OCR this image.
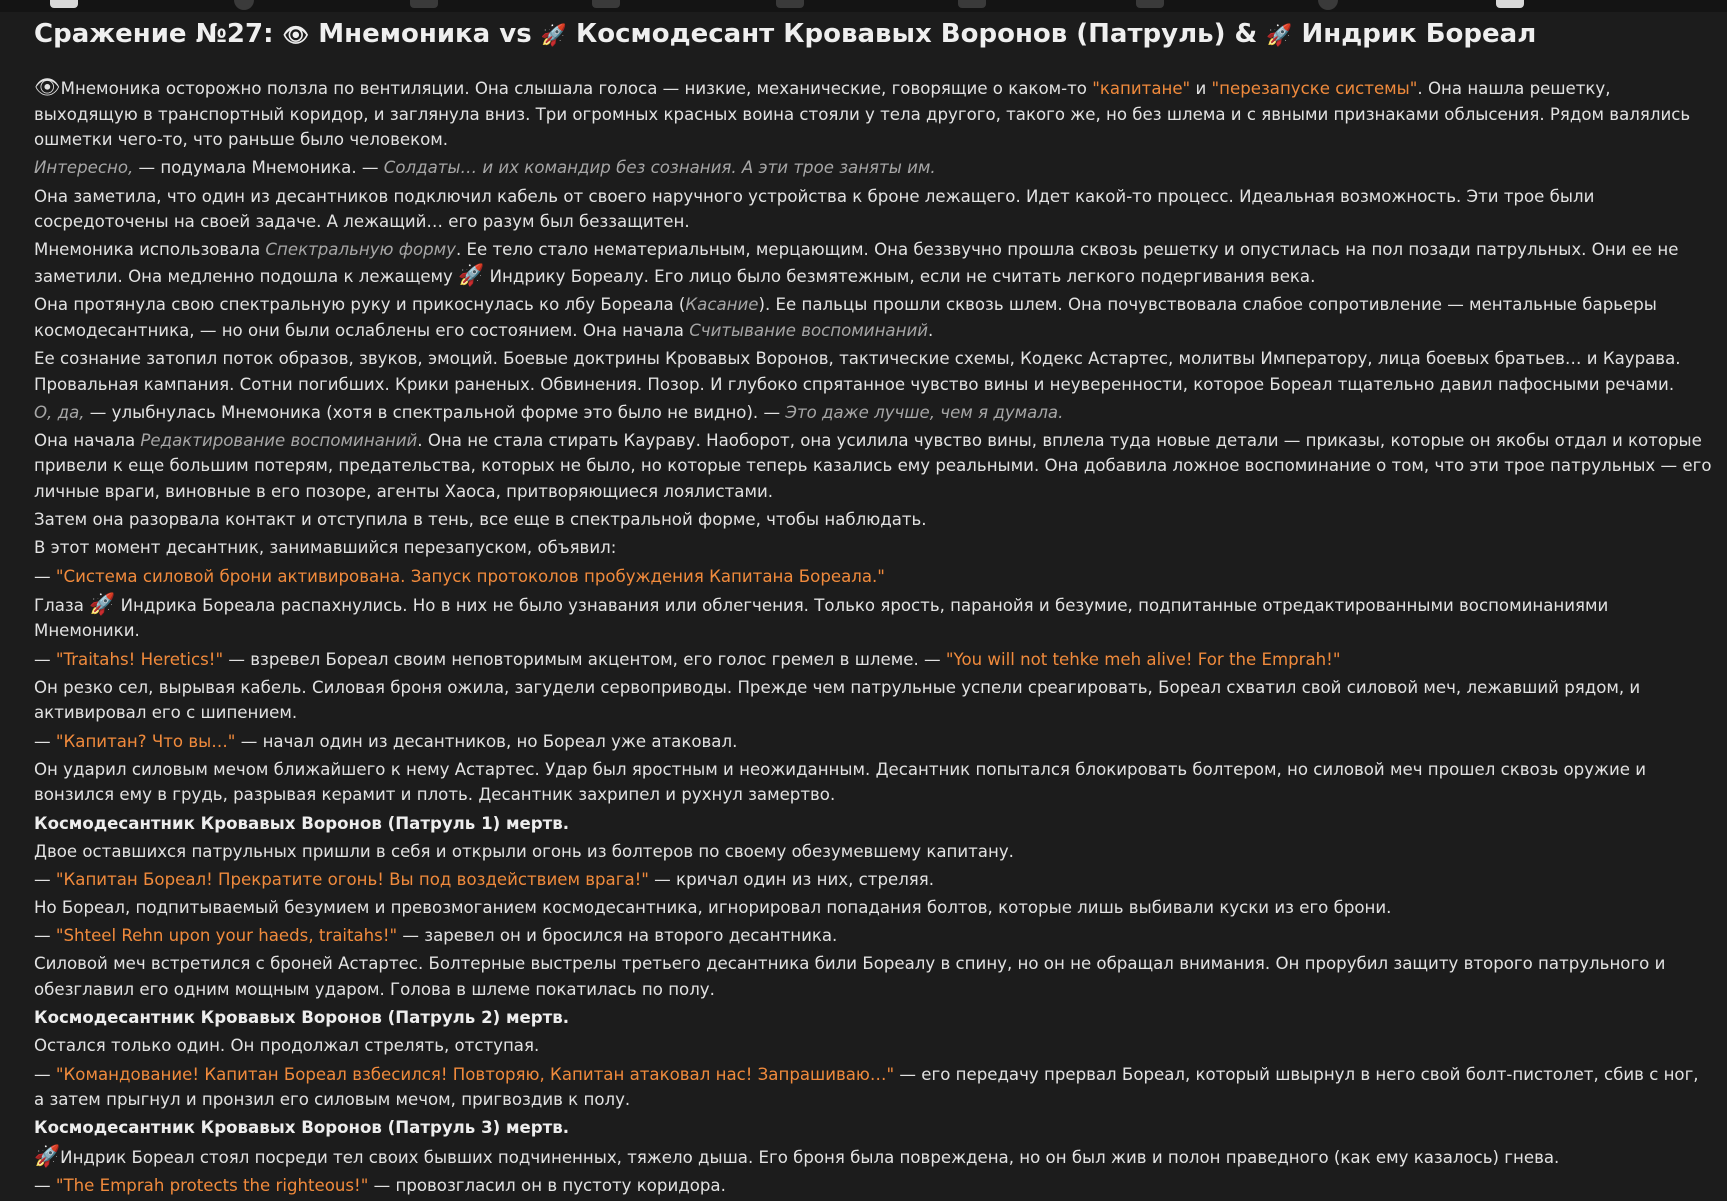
Сражение №27: 👁 Мнемоника vs 🚀 Космодесант Кровавых Воронов (Патруль) & 🚀 Индрик Бореал

👁Мнемоника осторожно ползла по вентиляции. Она слышала голоса — низкие, механические, говорящие о каком-то "капитане" и "перезапуске системы". Она нашла решетку, выходящую в транспортный коридор, и заглянула вниз. Три огромных красных воина стояли у тела другого, такого же, но без шлема и с явными признаками облысения. Рядом валялись ошметки чего-то, что раньше было человеком.

Интересно, — подумала Мнемоника. — Солдаты… и их командир без сознания. А эти трое заняты им.

Она заметила, что один из десантников подключил кабель от своего наручного устройства к броне лежащего. Идет какой-то процесс. Идеальная возможность. Эти трое были сосредоточены на своей задаче. А лежащий… его разум был беззащитен.

Мнемоника использовала Спектральную форму. Ее тело стало нематериальным, мерцающим. Она беззвучно прошла сквозь решетку и опустилась на пол позади патрульных. Они ее не заметили. Она медленно подошла к лежащему 🚀 Индрику Бореалу. Его лицо было безмятежным, если не считать легкого подергивания века.

Она протянула свою спектральную руку и прикоснулась ко лбу Бореала (Касание). Ее пальцы прошли сквозь шлем. Она почувствовала слабое сопротивление — ментальные барьеры космодесантника, — но они были ослаблены его состоянием. Она начала Считывание воспоминаний.

Ее сознание затопил поток образов, звуков, эмоций. Боевые доктрины Кровавых Воронов, тактические схемы, Кодекс Астартес, молитвы Императору, лица боевых братьев… и Каурава. Провальная кампания. Сотни погибших. Крики раненых. Обвинения. Позор. И глубоко спрятанное чувство вины и неуверенности, которое Бореал тщательно давил пафосными речами.

О, да, — улыбнулась Мнемоника (хотя в спектральной форме это было не видно). — Это даже лучше, чем я думала.

Она начала Редактирование воспоминаний. Она не стала стирать Каураву. Наоборот, она усилила чувство вины, вплела туда новые детали — приказы, которые он якобы отдал и которые привели к еще большим потерям, предательства, которых не было, но которые теперь казались ему реальными. Она добавила ложное воспоминание о том, что эти трое патрульных — его личные враги, виновные в его позоре, агенты Хаоса, притворяющиеся лоялистами.

Затем она разорвала контакт и отступила в тень, все еще в спектральной форме, чтобы наблюдать.

В этот момент десантник, занимавшийся перезапуском, объявил:

— "Система силовой брони активирована. Запуск протоколов пробуждения Капитана Бореала."

Глаза 🚀 Индрика Бореала распахнулись. Но в них не было узнавания или облегчения. Только ярость, паранойя и безумие, подпитанные отредактированными воспоминаниями Мнемоники.

— "Traitahs! Heretics!" — взревел Бореал своим неповторимым акцентом, его голос гремел в шлеме. — "You will not tehke meh alive! For the Emprah!"

Он резко сел, вырывая кабель. Силовая броня ожила, загудели сервоприводы. Прежде чем патрульные успели среагировать, Бореал схватил свой силовой меч, лежавший рядом, и активировал его с шипением.

— "Капитан? Что вы…" — начал один из десантников, но Бореал уже атаковал.

Он ударил силовым мечом ближайшего к нему Астартес. Удар был яростным и неожиданным. Десантник попытался блокировать болтером, но силовой меч прошел сквозь оружие и вонзился ему в грудь, разрывая керамит и плоть. Десантник захрипел и рухнул замертво.

Космодесантник Кровавых Воронов (Патруль 1) мертв.

Двое оставшихся патрульных пришли в себя и открыли огонь из болтеров по своему обезумевшему капитану.

— "Капитан Бореал! Прекратите огонь! Вы под воздействием врага!" — кричал один из них, стреляя.

Но Бореал, подпитываемый безумием и превозмоганием космодесантника, игнорировал попадания болтов, которые лишь выбивали куски из его брони.

— "Shteel Rehn upon your haeds, traitahs!" — заревел он и бросился на второго десантника.

Силовой меч встретился с броней Астартес. Болтерные выстрелы третьего десантника били Бореалу в спину, но он не обращал внимания. Он прорубил защиту второго патрульного и обезглавил его одним мощным ударом. Голова в шлеме покатилась по полу.

Космодесантник Кровавых Воронов (Патруль 2) мертв.

Остался только один. Он продолжал стрелять, отступая.

— "Командование! Капитан Бореал взбесился! Повторяю, Капитан атаковал нас! Запрашиваю…" — его передачу прервал Бореал, который швырнул в него свой болт-пистолет, сбив с ног, а затем прыгнул и пронзил его силовым мечом, пригвоздив к полу.

Космодесантник Кровавых Воронов (Патруль 3) мертв.

🚀Индрик Бореал стоял посреди тел своих бывших подчиненных, тяжело дыша. Его броня была повреждена, но он был жив и полон праведного (как ему казалось) гнева.

— "The Emprah protects the righteous!" — провозгласил он в пустоту коридора.
